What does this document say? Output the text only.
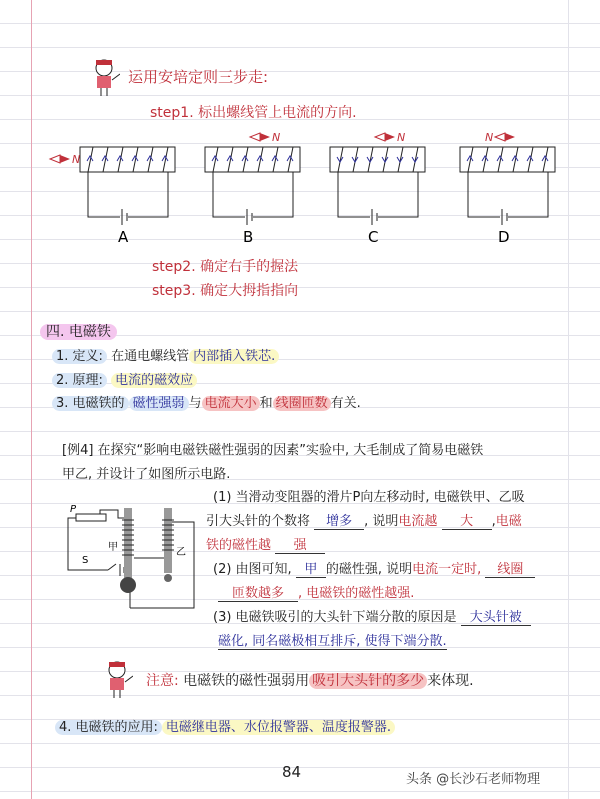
运用安培定则三步走:
step1. 标出螺线管上电流的方向.
A
N
B
N
C
N
D
N
step2. 确定右手的握法
step3. 确定大拇指指向
四. 电磁铁
1. 定义: 在通电螺线管 内部插入铁芯.
2. 原理: 电流的磁效应
3. 电磁铁的 磁性强弱 与 电流大小 和 线圈匝数 有关.
[例4] 在探究“影响电磁铁磁性强弱的因素”实验中, 大毛制成了简易电磁铁
甲乙, 并设计了如图所示电路.
P
S
甲	乙
(1) 当滑动变阻器的滑片P向左移动时, 电磁铁甲、乙吸
引大头针的个数将 增多 , 说明电流越 大 ,电磁
铁的磁性越 强
(2) 由图可知, 甲 的磁性强, 说明电流一定时, 线圈
匝数越多 , 电磁铁的磁性越强.
(3) 电磁铁吸引的大头针下端分散的原因是 大头针被
磁化, 同名磁极相互排斥, 使得下端分散.
注意: 电磁铁的磁性强弱用 吸引大头针的多少 来体现.
4. 电磁铁的应用: 电磁继电器、水位报警器、温度报警器.
84	头条 @长沙石老师物理
